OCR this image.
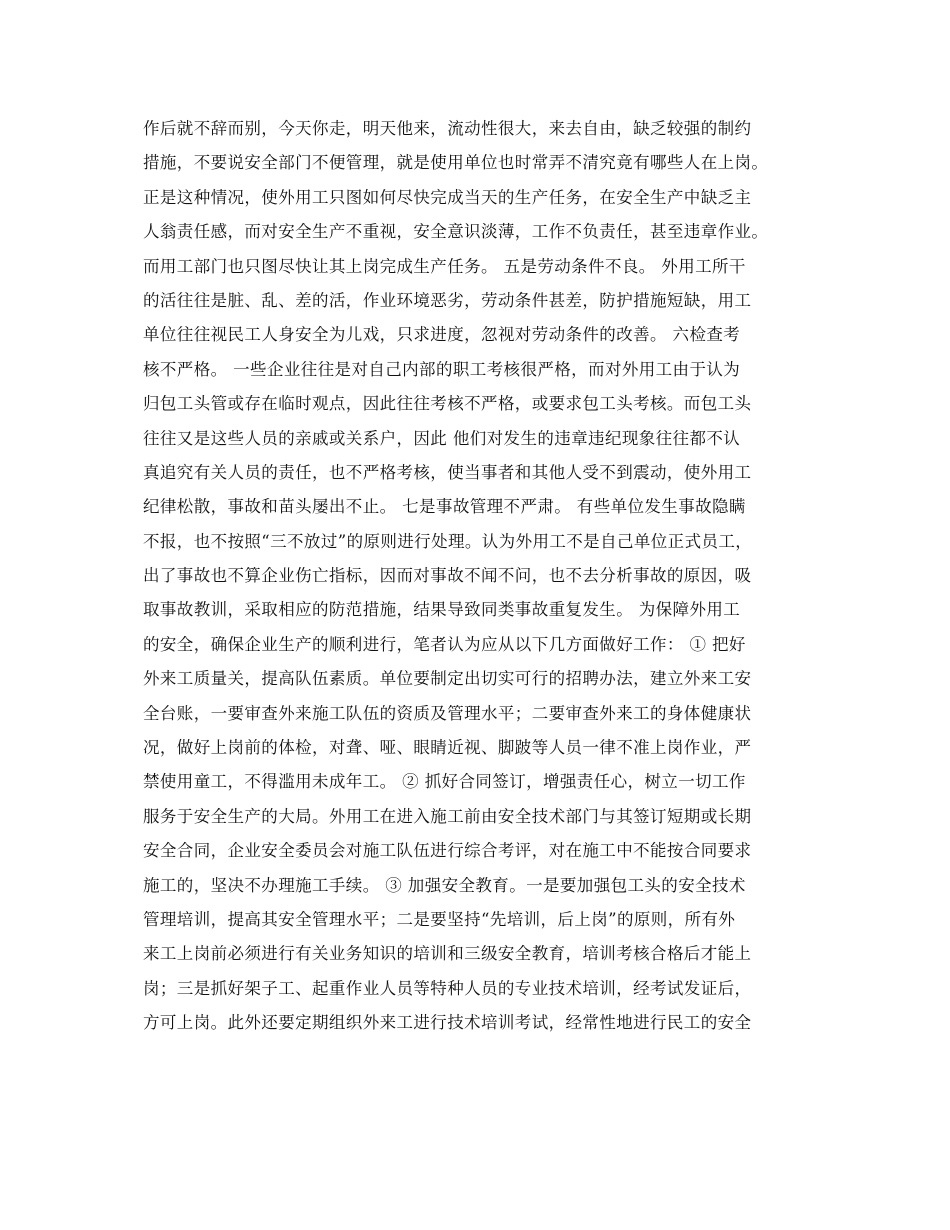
作后就不辞而别，今天你走，明天他来，流动性很大，来去自由，缺乏较强的制约
措施，不要说安全部门不便管理，就是使用单位也时常弄不清究竟有哪些人在上岗。
正是这种情况，使外用工只图如何尽快完成当天的生产任务，在安全生产中缺乏主
人翁责任感，而对安全生产不重视，安全意识淡薄，工作不负责任，甚至违章作业。
而用工部门也只图尽快让其上岗完成生产任务。 五是劳动条件不良。 外用工所干
的活往往是脏、乱、差的活，作业环境恶劣，劳动条件甚差，防护措施短缺，用工
单位往往视民工人身安全为儿戏，只求进度，忽视对劳动条件的改善。 六检查考
核不严格。 一些企业往往是对自己内部的职工考核很严格，而对外用工由于认为
归包工头管或存在临时观点，因此往往考核不严格，或要求包工头考核。而包工头
往往又是这些人员的亲戚或关系户，因此 他们对发生的违章违纪现象往往都不认
真追究有关人员的责任，也不严格考核，使当事者和其他人受不到震动，使外用工
纪律松散，事故和苗头屡出不止。 七是事故管理不严肃。 有些单位发生事故隐瞒
不报，也不按照“三不放过”的原则进行处理。认为外用工不是自己单位正式员工，
出了事故也不算企业伤亡指标，因而对事故不闻不问，也不去分析事故的原因，吸
取事故教训，采取相应的防范措施，结果导致同类事故重复发生。 为保障外用工
的安全，确保企业生产的顺利进行，笔者认为应从以下几方面做好工作： ① 把好
外来工质量关，提高队伍素质。单位要制定出切实可行的招聘办法，建立外来工安
全台账，一要审查外来施工队伍的资质及管理水平；二要审查外来工的身体健康状
况，做好上岗前的体检，对聋、哑、眼睛近视、脚跛等人员一律不准上岗作业，严
禁使用童工，不得滥用未成年工。 ② 抓好合同签订，增强责任心，树立一切工作
服务于安全生产的大局。外用工在进入施工前由安全技术部门与其签订短期或长期
安全合同，企业安全委员会对施工队伍进行综合考评，对在施工中不能按合同要求
施工的，坚决不办理施工手续。 ③ 加强安全教育。一是要加强包工头的安全技术
管理培训，提高其安全管理水平；二是要坚持“先培训，后上岗”的原则，所有外
来工上岗前必须进行有关业务知识的培训和三级安全教育，培训考核合格后才能上
岗；三是抓好架子工、起重作业人员等特种人员的专业技术培训，经考试发证后，
方可上岗。此外还要定期组织外来工进行技术培训考试，经常性地进行民工的安全
